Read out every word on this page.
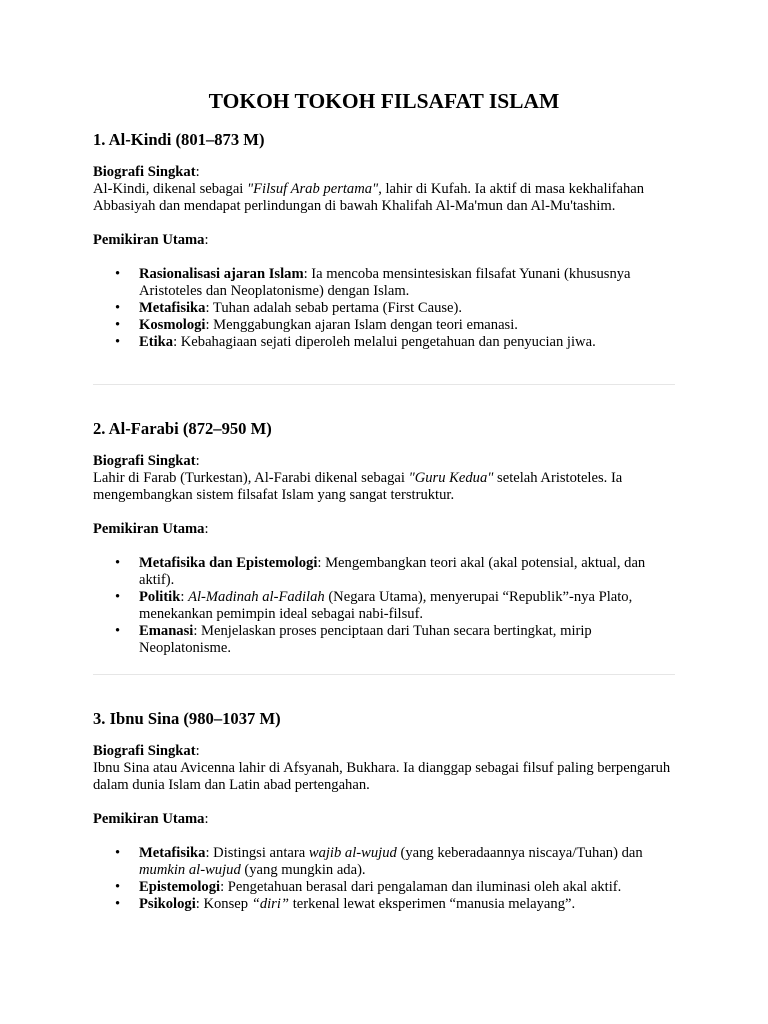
TOKOH TOKOH FILSAFAT ISLAM
1. Al-Kindi (801–873 M)

Biografi Singkat:
Al-Kindi, dikenal sebagai "Filsuf Arab pertama", lahir di Kufah. Ia aktif di masa kekhalifahan Abbasiyah dan mendapat perlindungan di bawah Khalifah Al-Ma'mun dan Al-Mu'tashim.

Pemikiran Utama:

• Rasionalisasi ajaran Islam: Ia mencoba mensintesiskan filsafat Yunani (khususnya Aristoteles dan Neoplatonisme) dengan Islam.
• Metafisika: Tuhan adalah sebab pertama (First Cause).
• Kosmologi: Menggabungkan ajaran Islam dengan teori emanasi.
• Etika: Kebahagiaan sejati diperoleh melalui pengetahuan dan penyucian jiwa.
2. Al-Farabi (872–950 M)

Biografi Singkat:
Lahir di Farab (Turkestan), Al-Farabi dikenal sebagai "Guru Kedua" setelah Aristoteles. Ia mengembangkan sistem filsafat Islam yang sangat terstruktur.

Pemikiran Utama:

• Metafisika dan Epistemologi: Mengembangkan teori akal (akal potensial, aktual, dan aktif).
• Politik: Al-Madinah al-Fadilah (Negara Utama), menyerupai “Republik”-nya Plato, menekankan pemimpin ideal sebagai nabi-filsuf.
• Emanasi: Menjelaskan proses penciptaan dari Tuhan secara bertingkat, mirip Neoplatonisme.
3. Ibnu Sina (980–1037 M)

Biografi Singkat:
Ibnu Sina atau Avicenna lahir di Afsyanah, Bukhara. Ia dianggap sebagai filsuf paling berpengaruh dalam dunia Islam dan Latin abad pertengahan.

Pemikiran Utama:

• Metafisika: Distingsi antara wajib al-wujud (yang keberadaannya niscaya/Tuhan) dan mumkin al-wujud (yang mungkin ada).
• Epistemologi: Pengetahuan berasal dari pengalaman dan iluminasi oleh akal aktif.
• Psikologi: Konsep “diri” terkenal lewat eksperimen “manusia melayang”.
